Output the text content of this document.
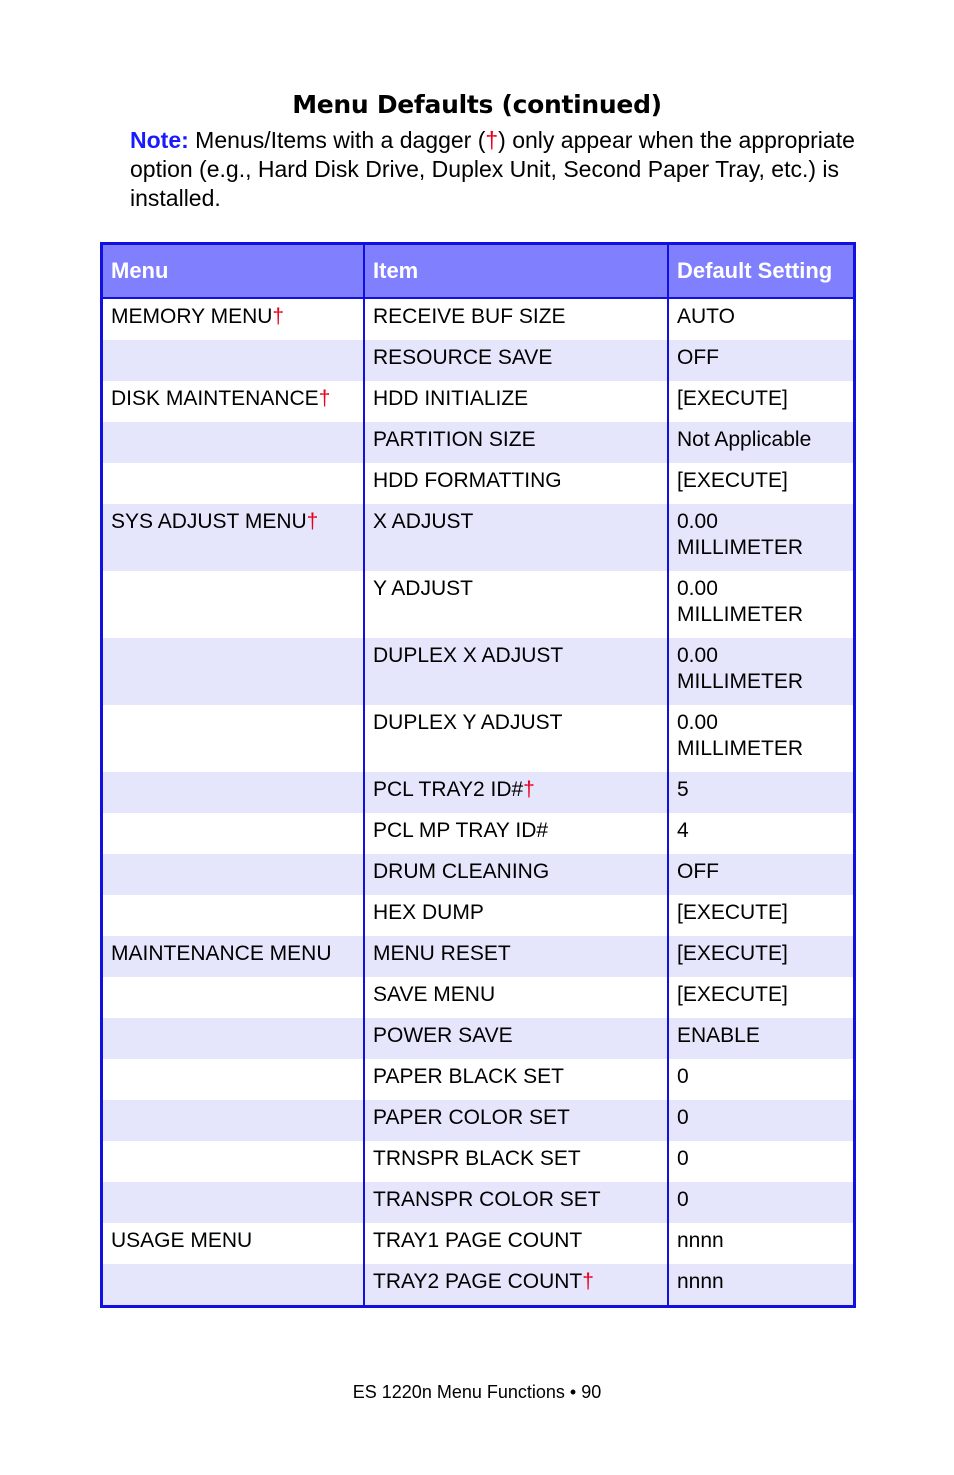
Menu Defaults (continued)
Note: Menus/Items with a dagger (†) only appear when the appropriate option (e.g., Hard Disk Drive, Duplex Unit, Second Paper Tray, etc.) is installed.
Menu	Item	Default Setting
MEMORY MENU†	RECEIVE BUF SIZE	AUTO
	RESOURCE SAVE	OFF
DISK MAINTENANCE†	HDD INITIALIZE	[EXECUTE]
	PARTITION SIZE	Not Applicable
	HDD FORMATTING	[EXECUTE]
SYS ADJUST MENU†	X ADJUST	0.00 MILLIMETER
	Y ADJUST	0.00 MILLIMETER
	DUPLEX X ADJUST	0.00 MILLIMETER
	DUPLEX Y ADJUST	0.00 MILLIMETER
	PCL TRAY2 ID#†	5
	PCL MP TRAY ID#	4
	DRUM CLEANING	OFF
	HEX DUMP	[EXECUTE]
MAINTENANCE MENU	MENU RESET	[EXECUTE]
	SAVE MENU	[EXECUTE]
	POWER SAVE	ENABLE
	PAPER BLACK SET	0
	PAPER COLOR SET	0
	TRNSPR BLACK SET	0
	TRANSPR COLOR SET	0
USAGE MENU	TRAY1 PAGE COUNT	nnnn
	TRAY2 PAGE COUNT†	nnnn
ES 1220n Menu Functions • 90
